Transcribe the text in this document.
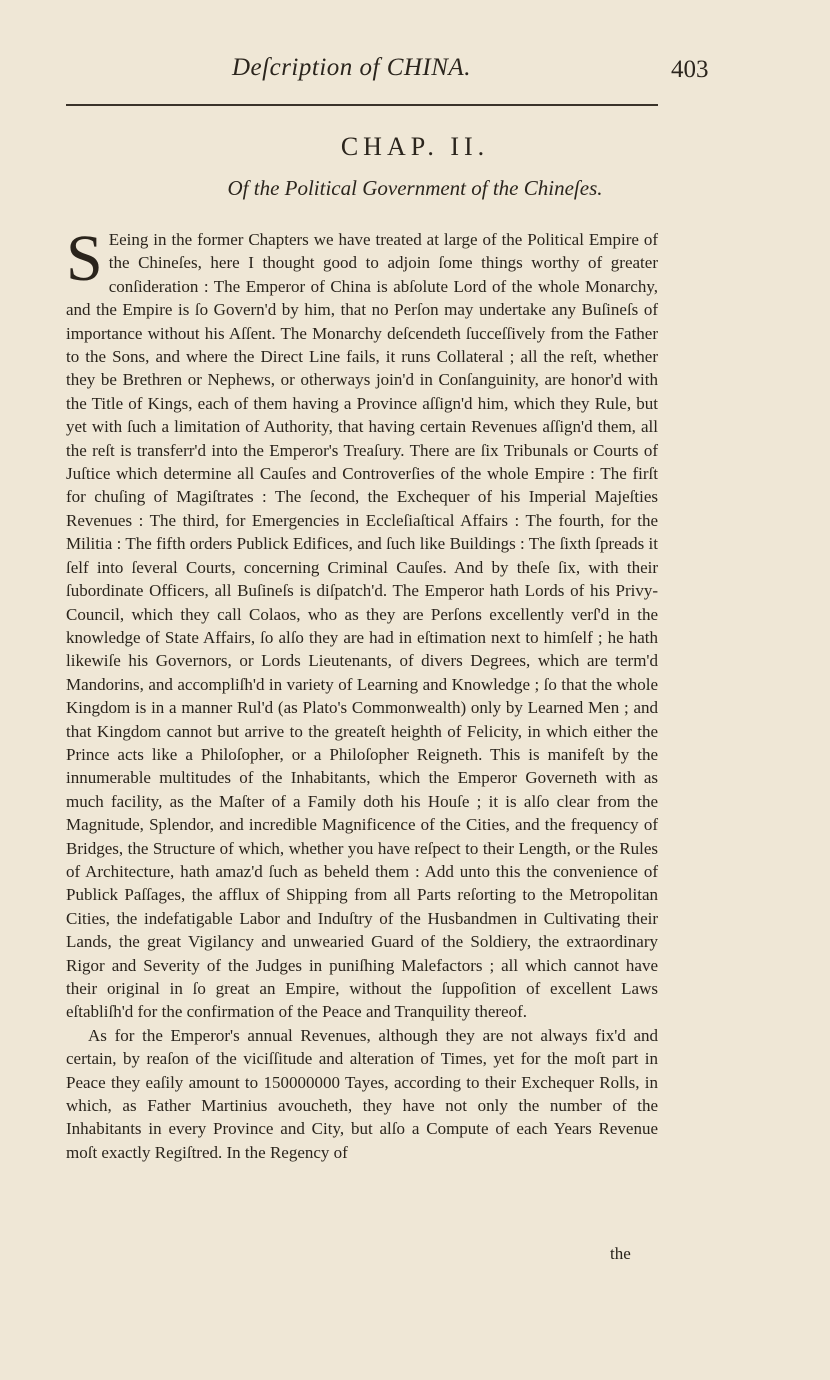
Deſcription of CHINA.	403
CHAP. II.
Of the Political Government of the Chineſes.

S Eeing in the former Chapters we have treated at large of the Political Empire of the Chineſes, here I thought good to adjoin ſome things worthy of greater conſideration : The Emperor of China is abſolute Lord of the whole Monarchy, and the Empire is ſo Govern'd by him, that no Perſon may undertake any Buſineſs of importance without his Aſſent. The Monarchy deſcendeth ſucceſſively from the Father to the Sons, and where the Direct Line fails, it runs Collateral ; all the reſt, whether they be Brethren or Nephews, or otherways join'd in Conſanguinity, are honor'd with the Title of Kings, each of them having a Province aſſign'd him, which they Rule, but yet with ſuch a limitation of Authority, that having certain Revenues aſſign'd them, all the reſt is transferr'd into the Emperor's Treaſury. There are ſix Tribunals or Courts of Juſtice which determine all Cauſes and Controverſies of the whole Empire : The firſt for chuſing of Magiſtrates : The ſecond, the Exchequer of his Imperial Majeſties Revenues : The third, for Emergencies in Eccleſiaſtical Affairs : The fourth, for the Militia : The fifth orders Publick Edifices, and ſuch like Buildings : The ſixth ſpreads it ſelf into ſeveral Courts, concerning Criminal Cauſes. And by theſe ſix, with their ſubordinate Officers, all Buſineſs is diſpatch'd. The Emperor hath Lords of his Privy-Council, which they call Colaos, who as they are Perſons excellently verſ'd in the knowledge of State Affairs, ſo alſo they are had in eſtimation next to himſelf ; he hath likewiſe his Governors, or Lords Lieutenants, of divers Degrees, which are term'd Mandorins, and accompliſh'd in variety of Learning and Knowledge ; ſo that the whole Kingdom is in a manner Rul'd (as Plato's Commonwealth) only by Learned Men ; and that Kingdom cannot but arrive to the greateſt heighth of Felicity, in which either the Prince acts like a Philoſopher, or a Philoſopher Reigneth. This is manifeſt by the innumerable multitudes of the Inhabitants, which the Emperor Governeth with as much facility, as the Maſter of a Family doth his Houſe ; it is alſo clear from the Magnitude, Splendor, and incredible Magnificence of the Cities, and the frequency of Bridges, the Structure of which, whether you have reſpect to their Length, or the Rules of Architecture, hath amaz'd ſuch as beheld them : Add unto this the convenience of Publick Paſſages, the afflux of Shipping from all Parts reſorting to the Metropolitan Cities, the indefatigable Labor and Induſtry of the Husbandmen in Cultivating their Lands, the great Vigilancy and unwearied Guard of the Soldiery, the extraordinary Rigor and Severity of the Judges in puniſhing Malefactors ; all which cannot have their original in ſo great an Empire, without the ſuppoſition of excellent Laws eſtabliſh'd for the confirmation of the Peace and Tranquility thereof.

As for the Emperor's annual Revenues, although they are not always fix'd and certain, by reaſon of the viciſſitude and alteration of Times, yet for the moſt part in Peace they eaſily amount to 150000000 Tayes, according to their Exchequer Rolls, in which, as Father Martinius avoucheth, they have not only the number of the Inhabitants in every Province and City, but alſo a Compute of each Years Revenue moſt exactly Regiſtred. In the Regency of

the
